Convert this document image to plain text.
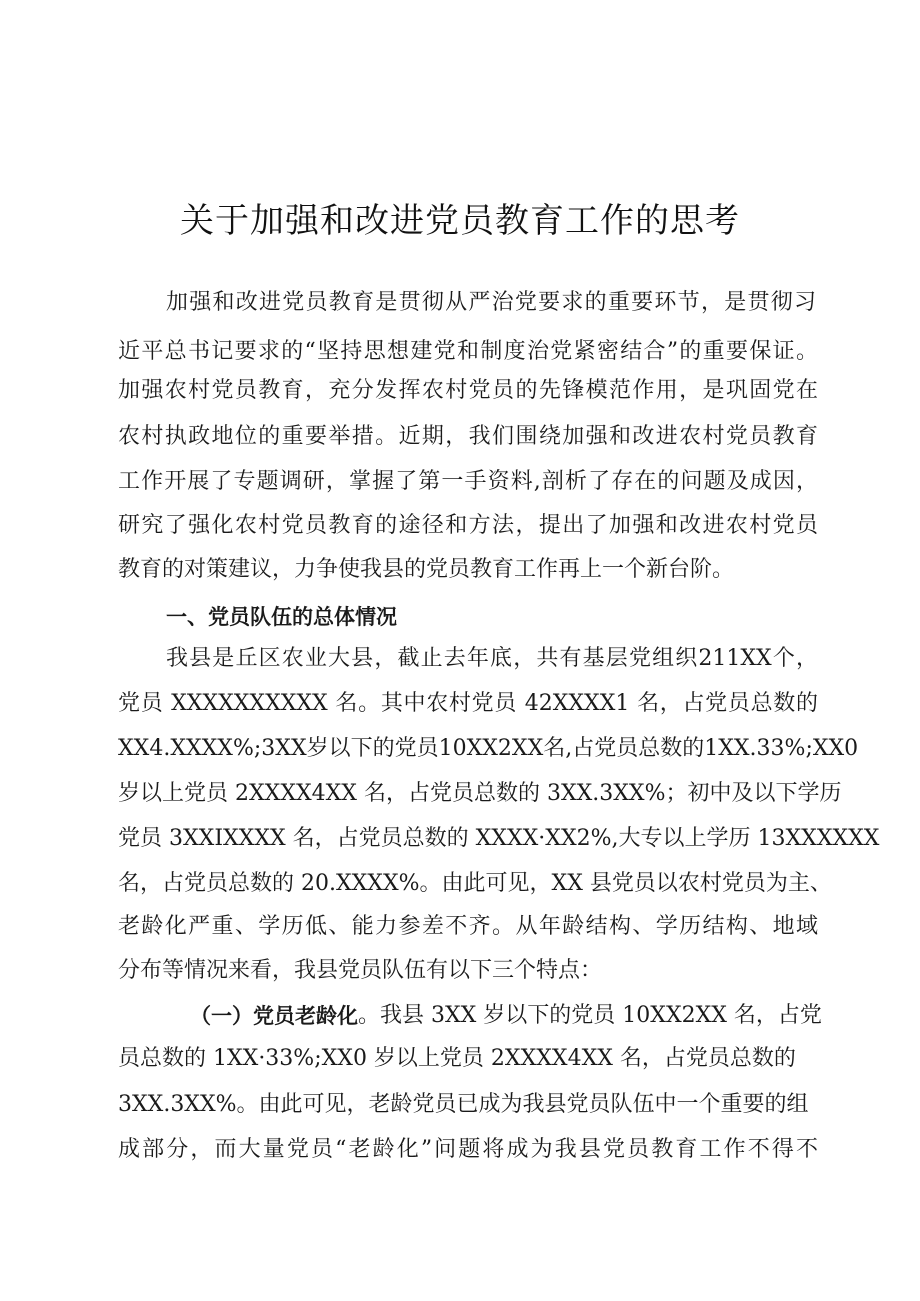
关于加强和改进党员教育工作的思考
加强和改进党员教育是贯彻从严治党要求的重要环节，是贯彻习
近平总书记要求的“坚持思想建党和制度治党紧密结合”的重要保证。
加强农村党员教育，充分发挥农村党员的先锋模范作用，是巩固党在
农村执政地位的重要举措。近期，我们围绕加强和改进农村党员教育
工作开展了专题调研，掌握了第一手资料,剖析了存在的问题及成因，
研究了强化农村党员教育的途径和方法，提出了加强和改进农村党员
教育的对策建议，力争使我县的党员教育工作再上一个新台阶。
一、党员队伍的总体情况
我县是丘区农业大县，截止去年底，共有基层党组织211XX个，
党员 XXXXXXXXXX 名。其中农村党员 42XXXX1 名，占党员总数的
XX4.XXXX%;3XX岁以下的党员10XX2XX名,占党员总数的1XX.33%;XX0
岁以上党员 2XXXX4XX 名，占党员总数的 3XX.3XX%；初中及以下学历
党员 3XXIXXXX 名，占党员总数的 XXXX·XX2%,大专以上学历 13XXXXXX
名，占党员总数的 20.XXXX%。由此可见，XX 县党员以农村党员为主、
老龄化严重、学历低、能力参差不齐。从年龄结构、学历结构、地域
分布等情况来看，我县党员队伍有以下三个特点：
（一）党员老龄化 。我县 3XX 岁以下的党员 10XX2XX 名，占党
员总数的 1XX·33%;XX0 岁以上党员 2XXXX4XX 名，占党员总数的
3XX.3XX%。由此可见，老龄党员已成为我县党员队伍中一个重要的组
成部分，而大量党员“老龄化”问题将成为我县党员教育工作不得不
